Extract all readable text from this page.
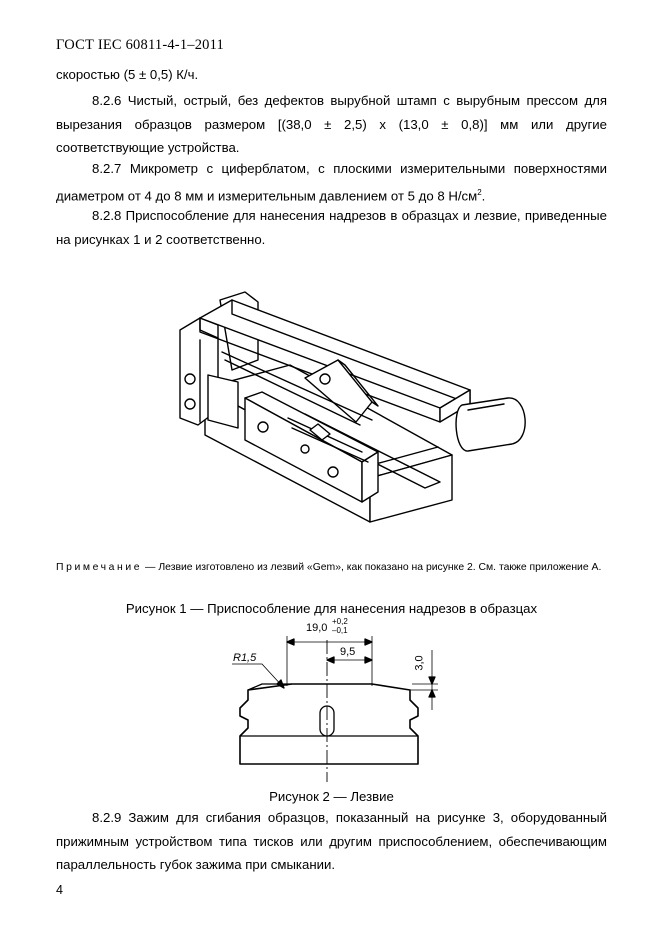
ГОСТ IEC 60811-4-1–2011
скоростью (5 ± 0,5) К/ч.
8.2.6 Чистый, острый, без дефектов вырубной штамп с вырубным прессом для вырезания образцов размером [(38,0 ± 2,5) х (13,0 ± 0,8)] мм или другие соответствующие устройства.
8.2.7 Микрометр с циферблатом, с плоскими измерительными поверхностями диаметром от 4 до 8 мм и измерительным давлением от 5 до 8 $Н/см^2$.
8.2.8 Приспособление для нанесения надрезов в образцах и лезвие, приведенные на рисунках 1 и 2 соответственно.
Примечание — Лезвие изготовлено из лезвий «Gem», как показано на рисунке 2. См. также приложение А.
Рисунок 1 — Приспособление для нанесения надрезов в образцах
19,0
+0,2
–0,1
9,5
R1,5	3,0
Рисунок 2 — Лезвие
8.2.9 Зажим для сгибания образцов, показанный на рисунке 3, оборудованный прижимным устройством типа тисков или другим приспособлением, обеспечивающим параллельность губок зажима при смыкании.
4
